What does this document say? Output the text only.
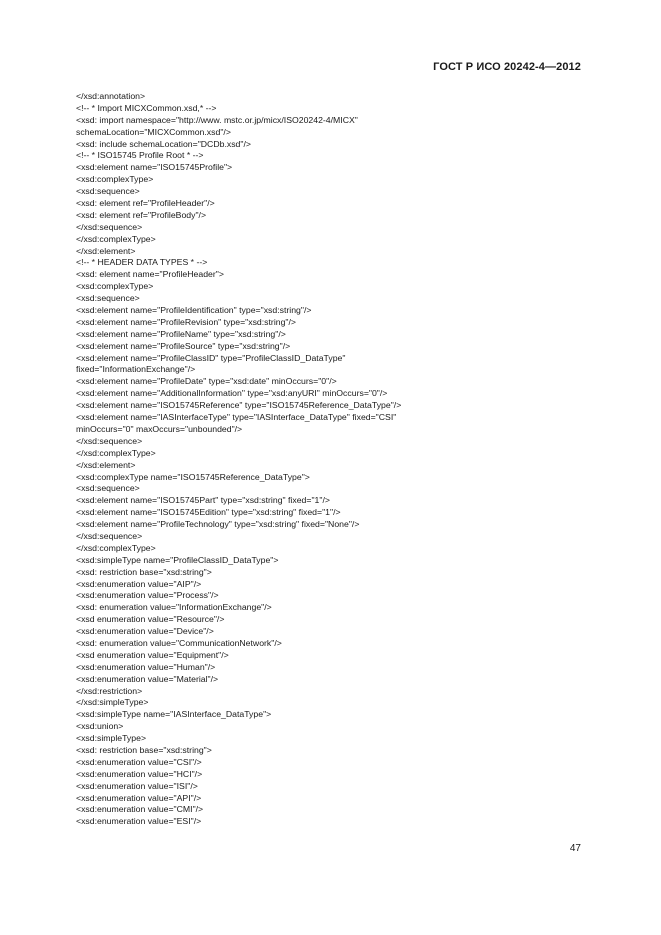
ГОСТ Р ИСО 20242-4—2012
</xsd:annotation>
<!-- * Import MICXCommon.xsd,* -->
<xsd: import namespace="http://www. mstc.or.jp/micx/ISO20242-4/MICX"
schemaLocation="MICXCommon.xsd"/>
<xsd: include schemaLocation="DCDb.xsd"/>
<!-- * ISO15745 Profile Root * -->
<xsd:element name="ISO15745Profile">
<xsd:complexType>
<xsd:sequence>
<xsd: element ref="ProfileHeader"/>
<xsd: element ref="ProfileBody"/>
</xsd:sequence>
</xsd:complexType>
</xsd:element>
<!-- * HEADER DATA TYPES * -->
<xsd: element name="ProfileHeader">
<xsd:complexType>
<xsd:sequence>
<xsd:element name="ProfileIdentification" type="xsd:string"/>
<xsd:element name="ProfileRevision" type="xsd:string"/>
<xsd:element name="ProfileName" type="xsd:string"/>
<xsd:element name="ProfileSource" type="xsd:string"/>
<xsd:element name="ProfileClassID" type="ProfileClassID_DataType"
fixed="InformationExchange"/>
<xsd:element name="ProfileDate" type="xsd:date" minOccurs="0"/>
<xsd:element name="AdditionalInformation" type="xsd:anyURI" minOccurs="0"/>
<xsd:element name="ISO15745Reference" type="ISO15745Reference_DataType"/>
<xsd:element name="IASInterfaceType" type="IASInterface_DataType" fixed="CSI"
minOccurs="0" maxOccurs="unbounded"/>
</xsd:sequence>
</xsd:complexType>
</xsd:element>
<xsd:complexType name="ISO15745Reference_DataType">
<xsd:sequence>
<xsd:element name="ISO15745Part" type="xsd:string" fixed="1"/>
<xsd:element name="ISO15745Edition" type="xsd:string" fixed="1"/>
<xsd:element name="ProfileTechnology" type="xsd:string" fixed="None"/>
</xsd:sequence>
</xsd:complexType>
<xsd:simpleType name="ProfileClassID_DataType">
<xsd: restriction base="xsd:string">
<xsd:enumeration value="AIP"/>
<xsd:enumeration value="Process"/>
<xsd: enumeration value="InformationExchange"/>
<xsd enumeration value="Resource"/>
<xsd:enumeration value="Device"/>
<xsd: enumeration value="CommunicationNetwork"/>
<xsd enumeration value="Equipment"/>
<xsd:enumeration value="Human"/>
<xsd:enumeration value="Material"/>
</xsd:restriction>
</xsd:simpleType>
<xsd:simpleType name="IASInterface_DataType">
<xsd:union>
<xsd:simpleType>
<xsd: restriction base="xsd:string">
<xsd:enumeration value="CSI"/>
<xsd:enumeration value="HCI"/>
<xsd:enumeration value="ISI"/>
<xsd:enumeration value="API"/>
<xsd:enumeration value="CMI"/>
<xsd:enumeration value="ESI"/>
47
